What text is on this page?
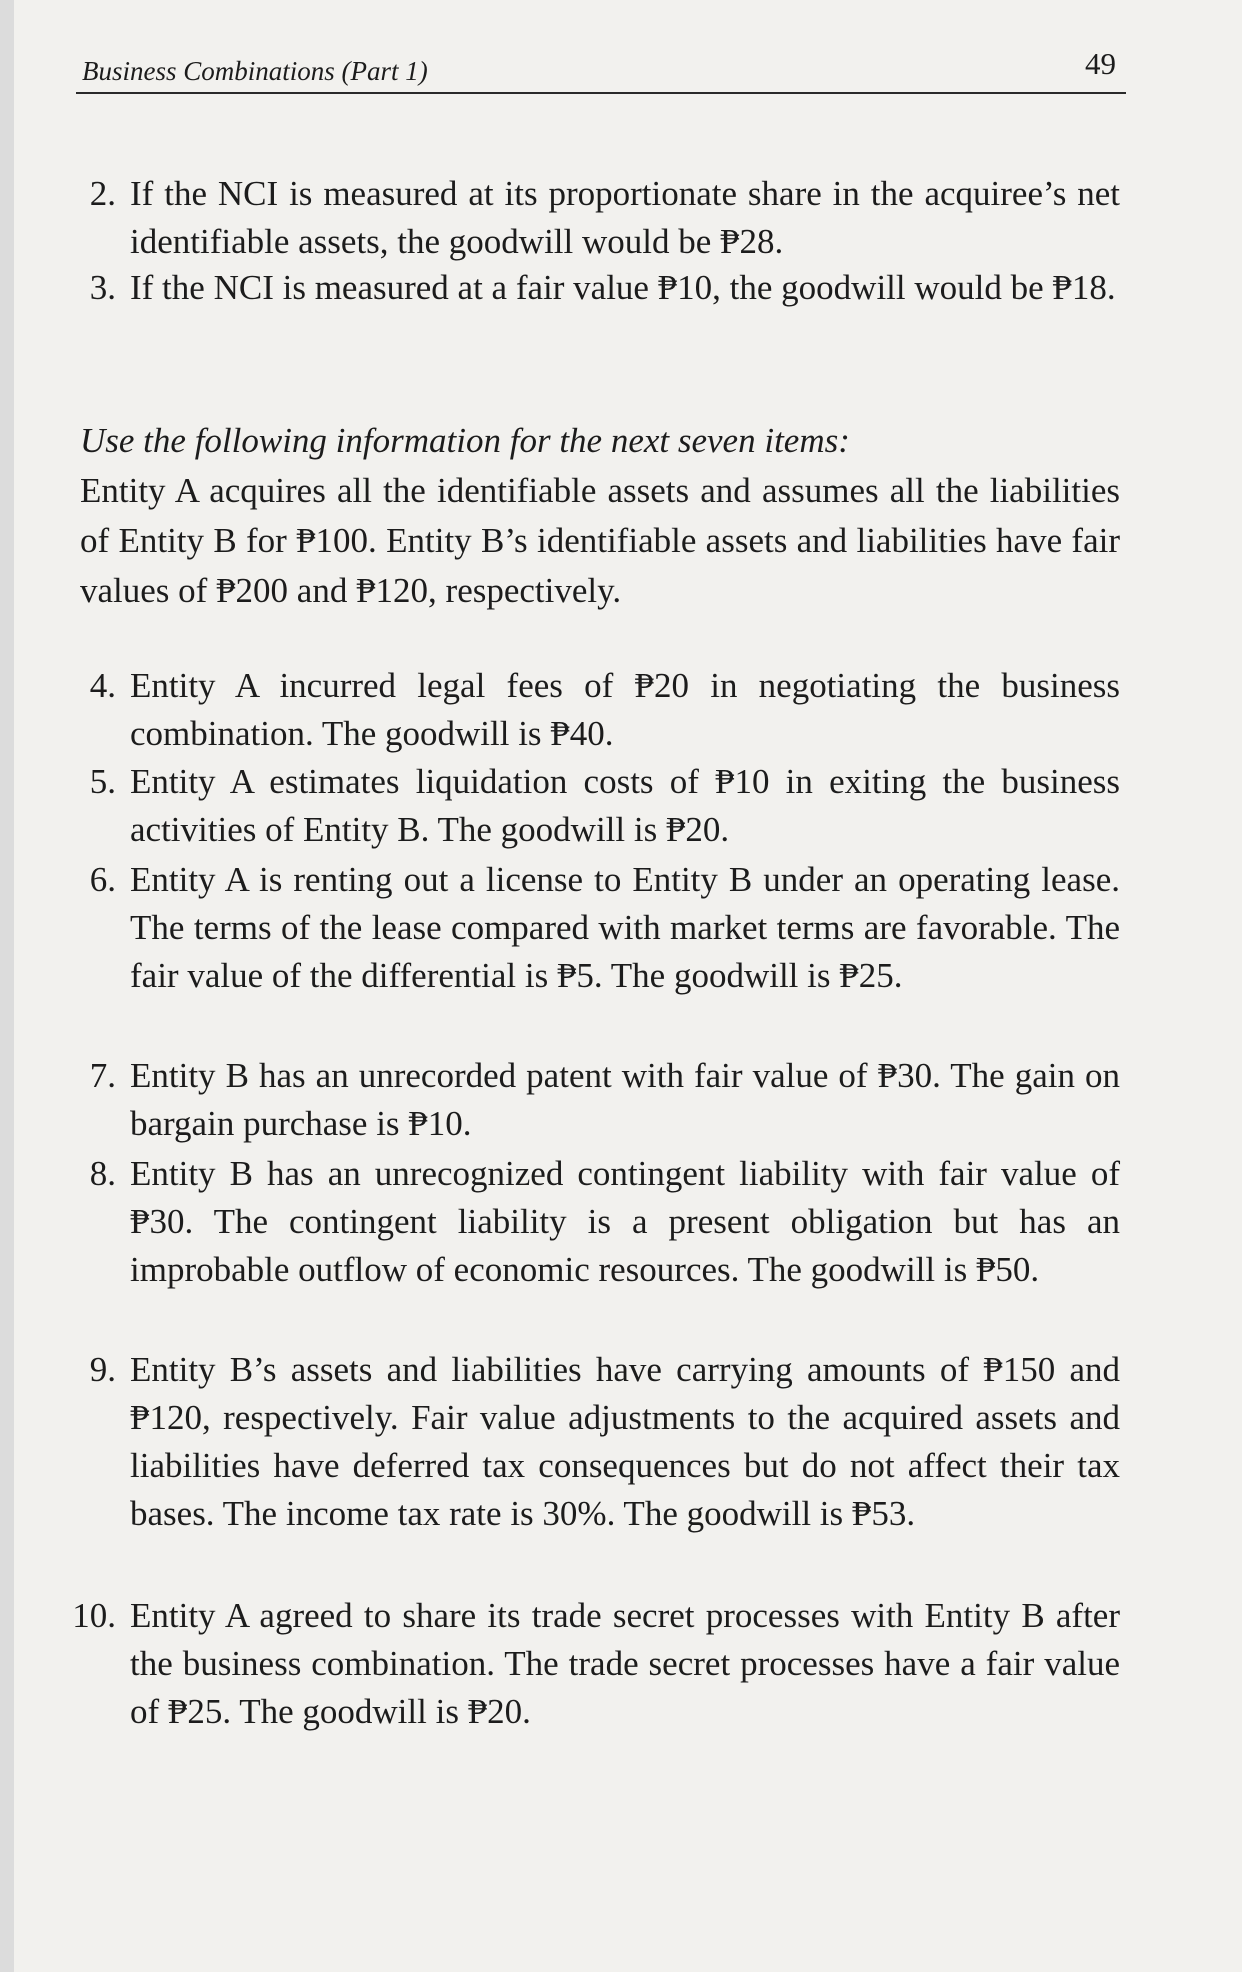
Business Combinations (Part 1)	49
2. If the NCI is measured at its proportionate share in the acquiree’s net identifiable assets, the goodwill would be ₱28.
3. If the NCI is measured at a fair value ₱10, the goodwill would be ₱18.
Use the following information for the next seven items:
Entity A acquires all the identifiable assets and assumes all the liabilities of Entity B for ₱100. Entity B’s identifiable assets and liabilities have fair values of ₱200 and ₱120, respectively.
4. Entity A incurred legal fees of ₱20 in negotiating the business combination. The goodwill is ₱40.
5. Entity A estimates liquidation costs of ₱10 in exiting the business activities of Entity B. The goodwill is ₱20.
6. Entity A is renting out a license to Entity B under an operating lease. The terms of the lease compared with market terms are favorable. The fair value of the differential is ₱5. The goodwill is ₱25.
7. Entity B has an unrecorded patent with fair value of ₱30. The gain on bargain purchase is ₱10.
8. Entity B has an unrecognized contingent liability with fair value of ₱30. The contingent liability is a present obligation but has an improbable outflow of economic resources. The goodwill is ₱50.
9. Entity B’s assets and liabilities have carrying amounts of ₱150 and ₱120, respectively. Fair value adjustments to the acquired assets and liabilities have deferred tax consequences but do not affect their tax bases. The income tax rate is 30%. The goodwill is ₱53.
10. Entity A agreed to share its trade secret processes with Entity B after the business combination. The trade secret processes have a fair value of ₱25. The goodwill is ₱20.
